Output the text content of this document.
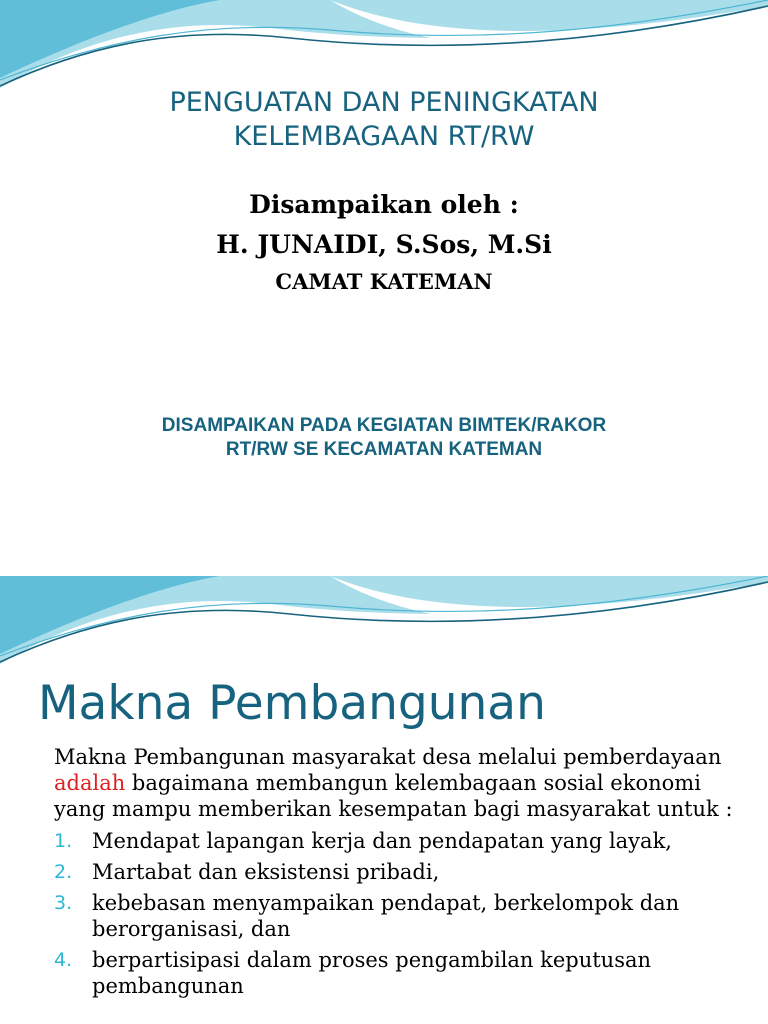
PENGUATAN DAN PENINGKATAN
KELEMBAGAAN RT/RW
Disampaikan oleh :
H. JUNAIDI, S.Sos, M.Si
CAMAT KATEMAN
DISAMPAIKAN PADA KEGIATAN BIMTEK/RAKOR
RT/RW SE KECAMATAN KATEMAN
Makna Pembangunan

Makna Pembangunan masyarakat desa melalui pemberdayaan adalah bagaimana membangun kelembagaan sosial ekonomi yang mampu memberikan kesempatan bagi masyarakat untuk :

1. Mendapat lapangan kerja dan pendapatan yang layak,
2. Martabat dan eksistensi pribadi,
3. kebebasan menyampaikan pendapat, berkelompok dan berorganisasi, dan
4. berpartisipasi dalam proses pengambilan keputusan pembangunan
